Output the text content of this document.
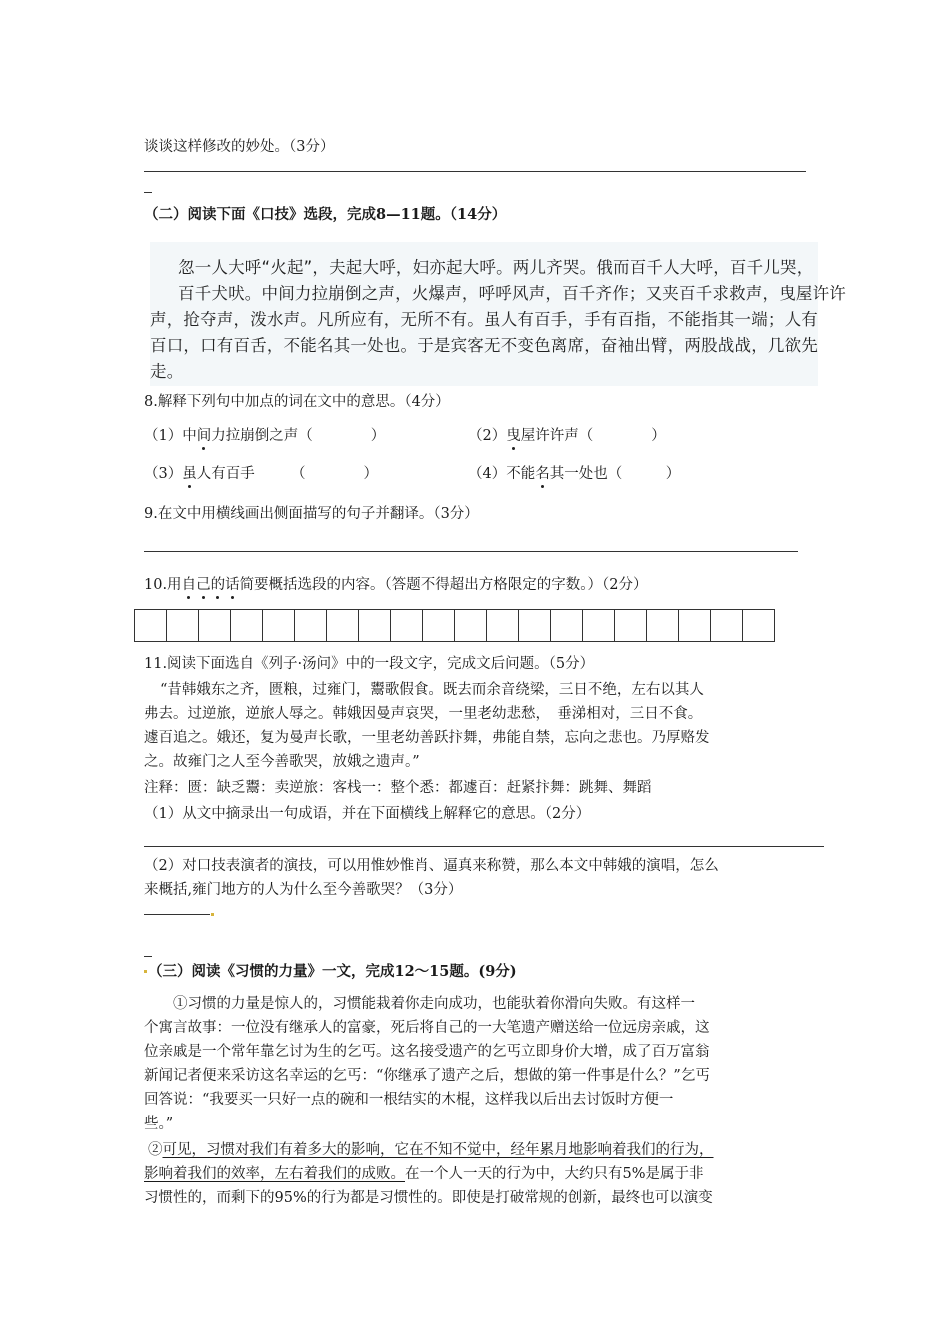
谈谈这样修改的妙处。（3分）
（二）阅读下面《口技》选段，完成8—11题。（14分）

忽一人大呼“火起”，夫起大呼，妇亦起大呼。两儿齐哭。俄而百千人大呼，百千儿哭，

百千犬吠。中间力拉崩倒之声，火爆声，呼呼风声，百千齐作；又夹百千求救声，曳屋许许

声，抢夺声，泼水声。凡所应有，无所不有。虽人有百手，手有百指，不能指其一端；人有

百口，口有百舌，不能名其一处也。于是宾客无不变色离席，奋袖出臂，两股战战，几欲先

走。

8.解释下列句中加点的词在文中的意思。（4分）
（1）中间力拉崩倒之声（　　　　）	（2）曳屋许许声（　　　　）
（3）虽人有百手　　　（　　　　）	（4）不能名其一处也（　　　）
9.在文中用横线画出侧面描写的句子并翻译。（3分）
10.用自己的话简要概括选段的内容。（答题不得超出方格限定的字数。）（2分）
11.阅读下面选自《列子·汤问》中的一段文字，完成文后问题。（5分）
“昔韩娥东之齐，匮粮，过雍门，鬻歌假食。既去而余音绕梁，三日不绝，左右以其人
弗去。过逆旅，逆旅人辱之。韩娥因曼声哀哭，一里老幼悲愁，　垂涕相对，三日不食。
遽百追之。娥还，复为曼声长歌，一里老幼善跃抃舞，弗能自禁，忘向之悲也。乃厚赂发
之。故雍门之人至今善歌哭，放娥之遗声。”
注释：匮：缺乏鬻：卖逆旅：客栈一：整个悉：都遽百：赶紧抃舞：跳舞、舞蹈
（1）从文中摘录出一句成语，并在下面横线上解释它的意思。（2分）
（2）对口技表演者的演技，可以用惟妙惟肖、逼真来称赞，那么本文中韩娥的演唱，怎么
来概括,雍门地方的人为什么至今善歌哭？（3分）
（三）阅读《习惯的力量》一文，完成12～15题。(9分)
　　①习惯的力量是惊人的，习惯能栽着你走向成功，也能驮着你滑向失败。有这样一
个寓言故事：一位没有继承人的富豪，死后将自己的一大笔遗产赠送给一位远房亲戚，这
位亲戚是一个常年靠乞讨为生的乞丐。这名接受遗产的乞丐立即身价大增，成了百万富翁
新闻记者便来采访这名幸运的乞丐：“你继承了遗产之后，想做的第一件事是什么？”乞丐
回答说：“我要买一只好一点的碗和一根结实的木棍，这样我以后出去讨饭时方便一
些。”
②可见，习惯对我们有着多大的影响，它在不知不觉中，经年累月地影响着我们的行为，
影响着我们的效率，左右着我们的成败。在一个人一天的行为中，大约只有5%是属于非
习惯性的，而剩下的95%的行为都是习惯性的。即使是打破常规的创新，最终也可以演变
